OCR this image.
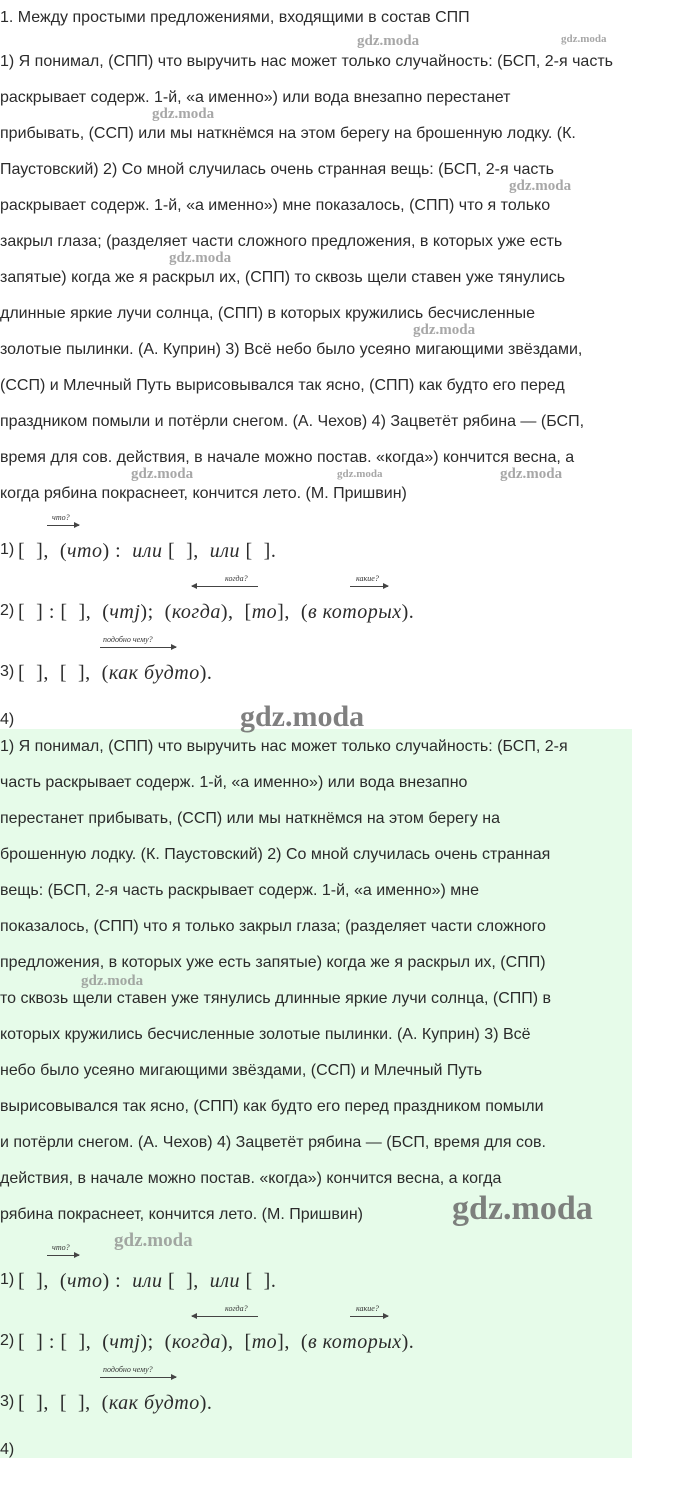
1. Между простыми предложениями, входящими в состав СПП
1) Я понимал, (СПП) что выручить нас может только случайность: (БСП, 2-я часть
раскрывает содерж. 1-й, «а именно») или вода внезапно перестанет
прибывать, (ССП) или мы наткнёмся на этом берегу на брошенную лодку. (К.
Паустовский) 2) Со мной случилась очень странная вещь: (БСП, 2-я часть
раскрывает содерж. 1-й, «а именно») мне показалось, (СПП) что я только
закрыл глаза; (разделяет части сложного предложения, в которых уже есть
запятые) когда же я раскрыл их, (СПП) то сквозь щели ставен уже тянулись
длинные яркие лучи солнца, (СПП) в которых кружились бесчисленные
золотые пылинки. (А. Куприн) 3) Всё небо было усеяно мигающими звёздами,
(ССП) и Млечный Путь вырисовывался так ясно, (СПП) как будто его перед
праздником помыли и потёрли снегом. (А. Чехов) 4) Зацветёт рябина — (БСП,
время для сов. действия, в начале можно постав. «когда») кончится весна, а
когда рябина покраснеет, кончится лето. (М. Пришвин)
1) [  ],  (что) :  или [  ],  или [  ].
что?
2) [  ] : [  ],  (чтj);  (когда),  [то],  (в которых).
когда?	какие?
3) [  ],  [  ],  (как будто).
подобно чему?
4)
1) Я понимал, (СПП) что выручить нас может только случайность: (БСП, 2-я
часть раскрывает содерж. 1-й, «а именно») или вода внезапно
перестанет прибывать, (ССП) или мы наткнёмся на этом берегу на
брошенную лодку. (К. Паустовский) 2) Со мной случилась очень странная
вещь: (БСП, 2-я часть раскрывает содерж. 1-й, «а именно») мне
показалось, (СПП) что я только закрыл глаза; (разделяет части сложного
предложения, в которых уже есть запятые) когда же я раскрыл их, (СПП)
то сквозь щели ставен уже тянулись длинные яркие лучи солнца, (СПП) в
которых кружились бесчисленные золотые пылинки. (А. Куприн) 3) Всё
небо было усеяно мигающими звёздами, (ССП) и Млечный Путь
вырисовывался так ясно, (СПП) как будто его перед праздником помыли
и потёрли снегом. (А. Чехов) 4) Зацветёт рябина — (БСП, время для сов.
действия, в начале можно постав. «когда») кончится весна, а когда
рябина покраснеет, кончится лето. (М. Пришвин)
1) [  ],  (что) :  или [  ],  или [  ].
что?
2) [  ] : [  ],  (чтj);  (когда),  [то],  (в которых).
когда?	какие?
3) [  ],  [  ],  (как будто).
подобно чему?
4)
gdz.moda	gdz.moda
gdz.moda
gdz.moda
gdz.moda
gdz.moda
gdz.moda	gdz.moda	gdz.moda
gdz.moda
gdz.moda
gdz.moda
gdz.moda
